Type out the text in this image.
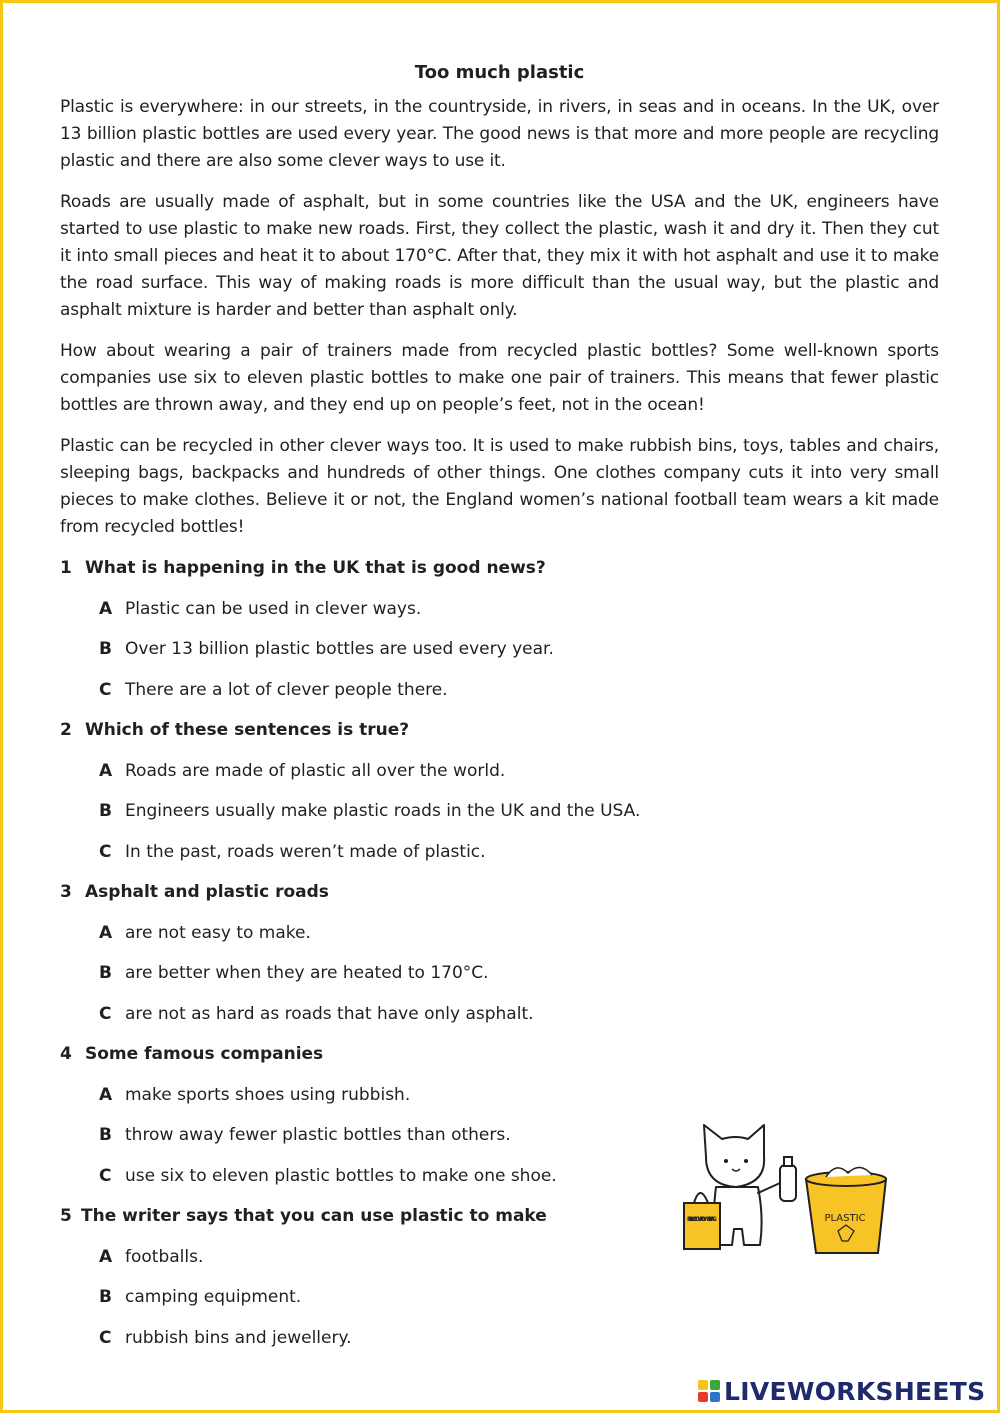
Too much plastic

Plastic is everywhere: in our streets, in the countryside, in rivers, in seas and in oceans. In the UK, over 13 billion plastic bottles are used every year. The good news is that more and more people are recycling plastic and there are also some clever ways to use it.

Roads are usually made of asphalt, but in some countries like the USA and the UK, engineers have started to use plastic to make new roads. First, they collect the plastic, wash it and dry it. Then they cut it into small pieces and heat it to about 170°C. After that, they mix it with hot asphalt and use it to make the road surface. This way of making roads is more difficult than the usual way, but the plastic and asphalt mixture is harder and better than asphalt only.

How about wearing a pair of trainers made from recycled plastic bottles? Some well-known sports companies use six to eleven plastic bottles to make one pair of trainers. This means that fewer plastic bottles are thrown away, and they end up on people’s feet, not in the ocean!

Plastic can be recycled in other clever ways too. It is used to make rubbish bins, toys, tables and chairs, sleeping bags, backpacks and hundreds of other things. One clothes company cuts it into very small pieces to make clothes. Believe it or not, the England women’s national football team wears a kit made from recycled bottles!

1 What is happening in the UK that is good news?
A Plastic can be used in clever ways.
B Over 13 billion plastic bottles are used every year.
C There are a lot of clever people there.
2 Which of these sentences is true?
A Roads are made of plastic all over the world.
B Engineers usually make plastic roads in the UK and the USA.
C In the past, roads weren’t made of plastic.
3 Asphalt and plastic roads
A are not easy to make.
B are better when they are heated to 170°C.
C are not as hard as roads that have only asphalt.
4 Some famous companies
A make sports shoes using rubbish.
B throw away fewer plastic bottles than others.
C use six to eleven plastic bottles to make one shoe.
5 The writer says that you can use plastic to make
A footballs.
B camping equipment.
C rubbish bins and jewellery.
BRING YOUR OWN BAG	PLASTIC
LIVEWORKSHEETS
